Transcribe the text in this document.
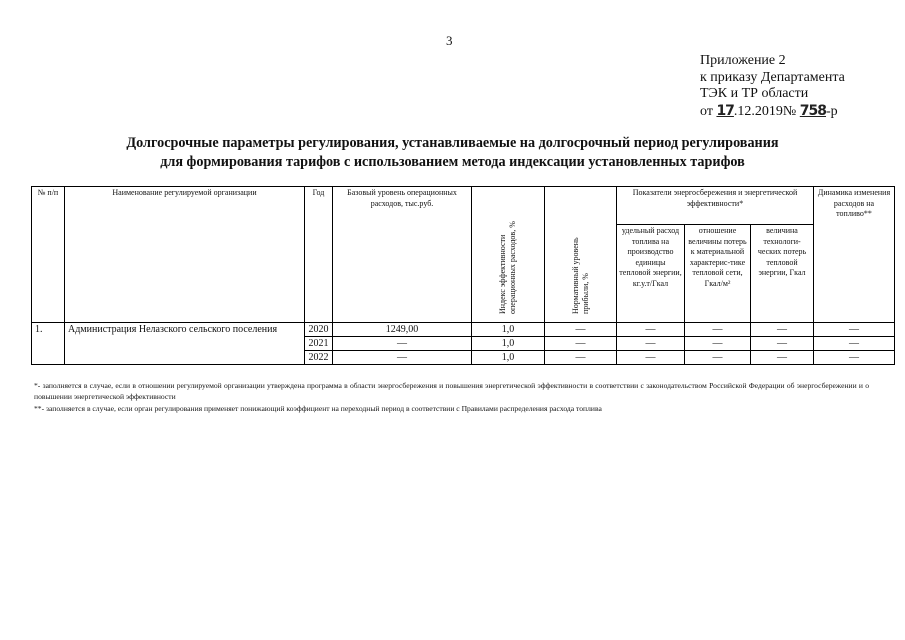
3
Приложение 2
к приказу Департамента
ТЭК и ТР области
от 17.12.2019№ 758-р
Долгосрочные параметры регулирования, устанавливаемые на долгосрочный период регулирования
для формирования тарифов с использованием метода индексации установленных тарифов
№ п/п	Наименование регулируемой организации	Год	Базовый уровень операционных расходов, тыс.руб.	Индекс эффективности операционных расходов, %	Нормативный уровень прибыли, %	Показатели энергосбережения и энергетической эффективности*			Динамика изменения расходов на топливо**
						удельный расход топлива на производство единицы тепловой энергии, кг.у.т/Гкал	отношение величины потерь к материальной характерис-тике тепловой сети, Гкал/м²	величина технологи-ческих потерь тепловой энергии, Гкал	
1.	Администрация Нелазского сельского поселения	2020	1249,00	1,0	—	—	—	—	—
		2021	—	1,0	—	—	—	—	—
		2022	—	1,0	—	—	—	—	—

*- заполняется в случае, если в отношении регулируемой организации утверждена программа в области энергосбережения и повышения энергетической эффективности в соответствии с законодательством Российской Федерации об энергосбережении и о повышении энергетической эффективности

**- заполняется в случае, если орган регулирования применяет понижающий коэффициент на переходный период в соответствии с Правилами распределения расхода топлива
